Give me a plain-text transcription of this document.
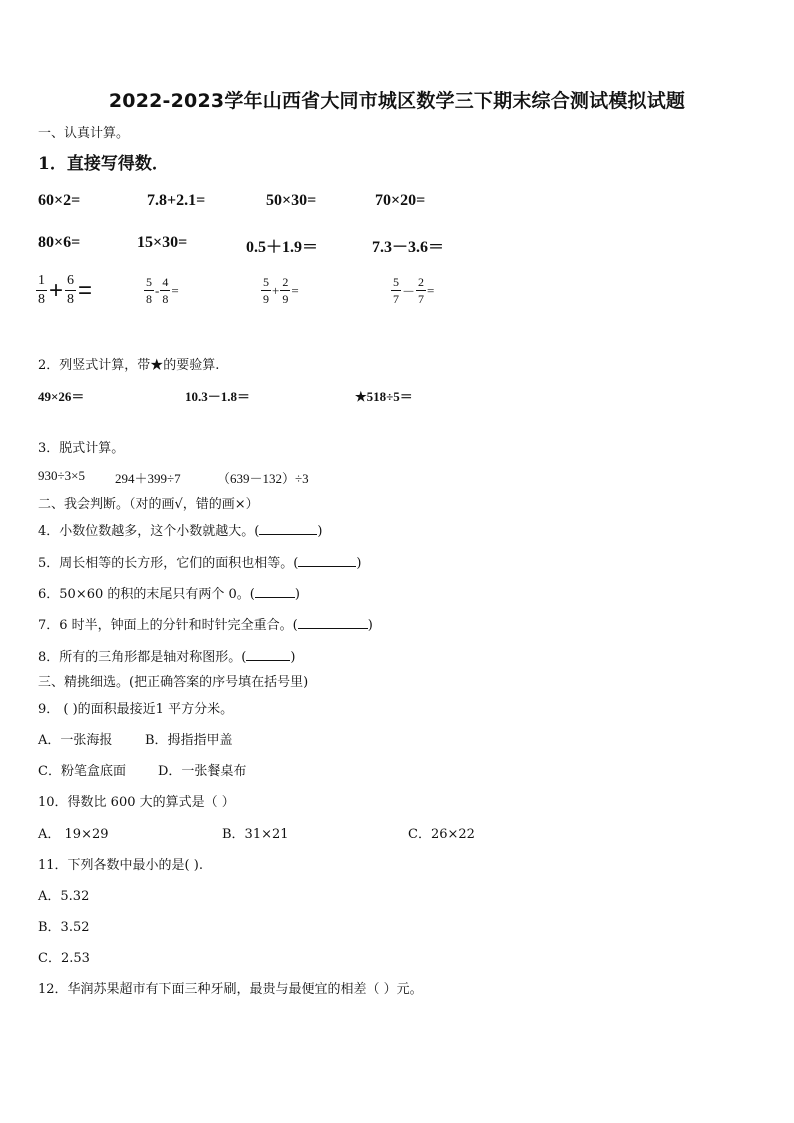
2022-2023学年山西省大同市城区数学三下期末综合测试模拟试题
一、认真计算。
1．直接写得数．
60×2=	7.8+2.1=	50×30=	70×20=
80×6=	15×30=	0.5＋1.9＝	7.3－3.6＝
$\frac{1}{8} + \frac{6}{8}$ =	$\frac{5}{8} - \frac{4}{8}$ =	$\frac{5}{9} + \frac{2}{9}$ =	$\frac{5}{7} - \frac{2}{7}$ =
2．列竖式计算，带★的要验算.
49×26＝	10.3－1.8＝	★518÷5＝
3．脱式计算。
930÷3×5 294＋399÷7	（639－132）÷3
二、我会判断。（对的画√，错的画×）
4．小数位数越多，这个小数就越大。(	)
5．周长相等的长方形，它们的面积也相等。(	)
6．50×60 的积的末尾只有两个 0。(	)
7．6 时半，钟面上的分针和时针完全重合。(	)
8．所有的三角形都是轴对称图形。(	)
三、精挑细选。(把正确答案的序号填在括号里)
9． ( )的面积最接近1 平方分米。
A．一张海报	B．拇指指甲盖
C．粉笔盒底面 D．一张餐桌布
10．得数比 600 大的算式是（ ）
A． 19×29	B．31×21	C．26×22
11．下列各数中最小的是( ).
A．5.32
B．3.52
C．2.53
12．华润苏果超市有下面三种牙刷，最贵与最便宜的相差（ ）元。
